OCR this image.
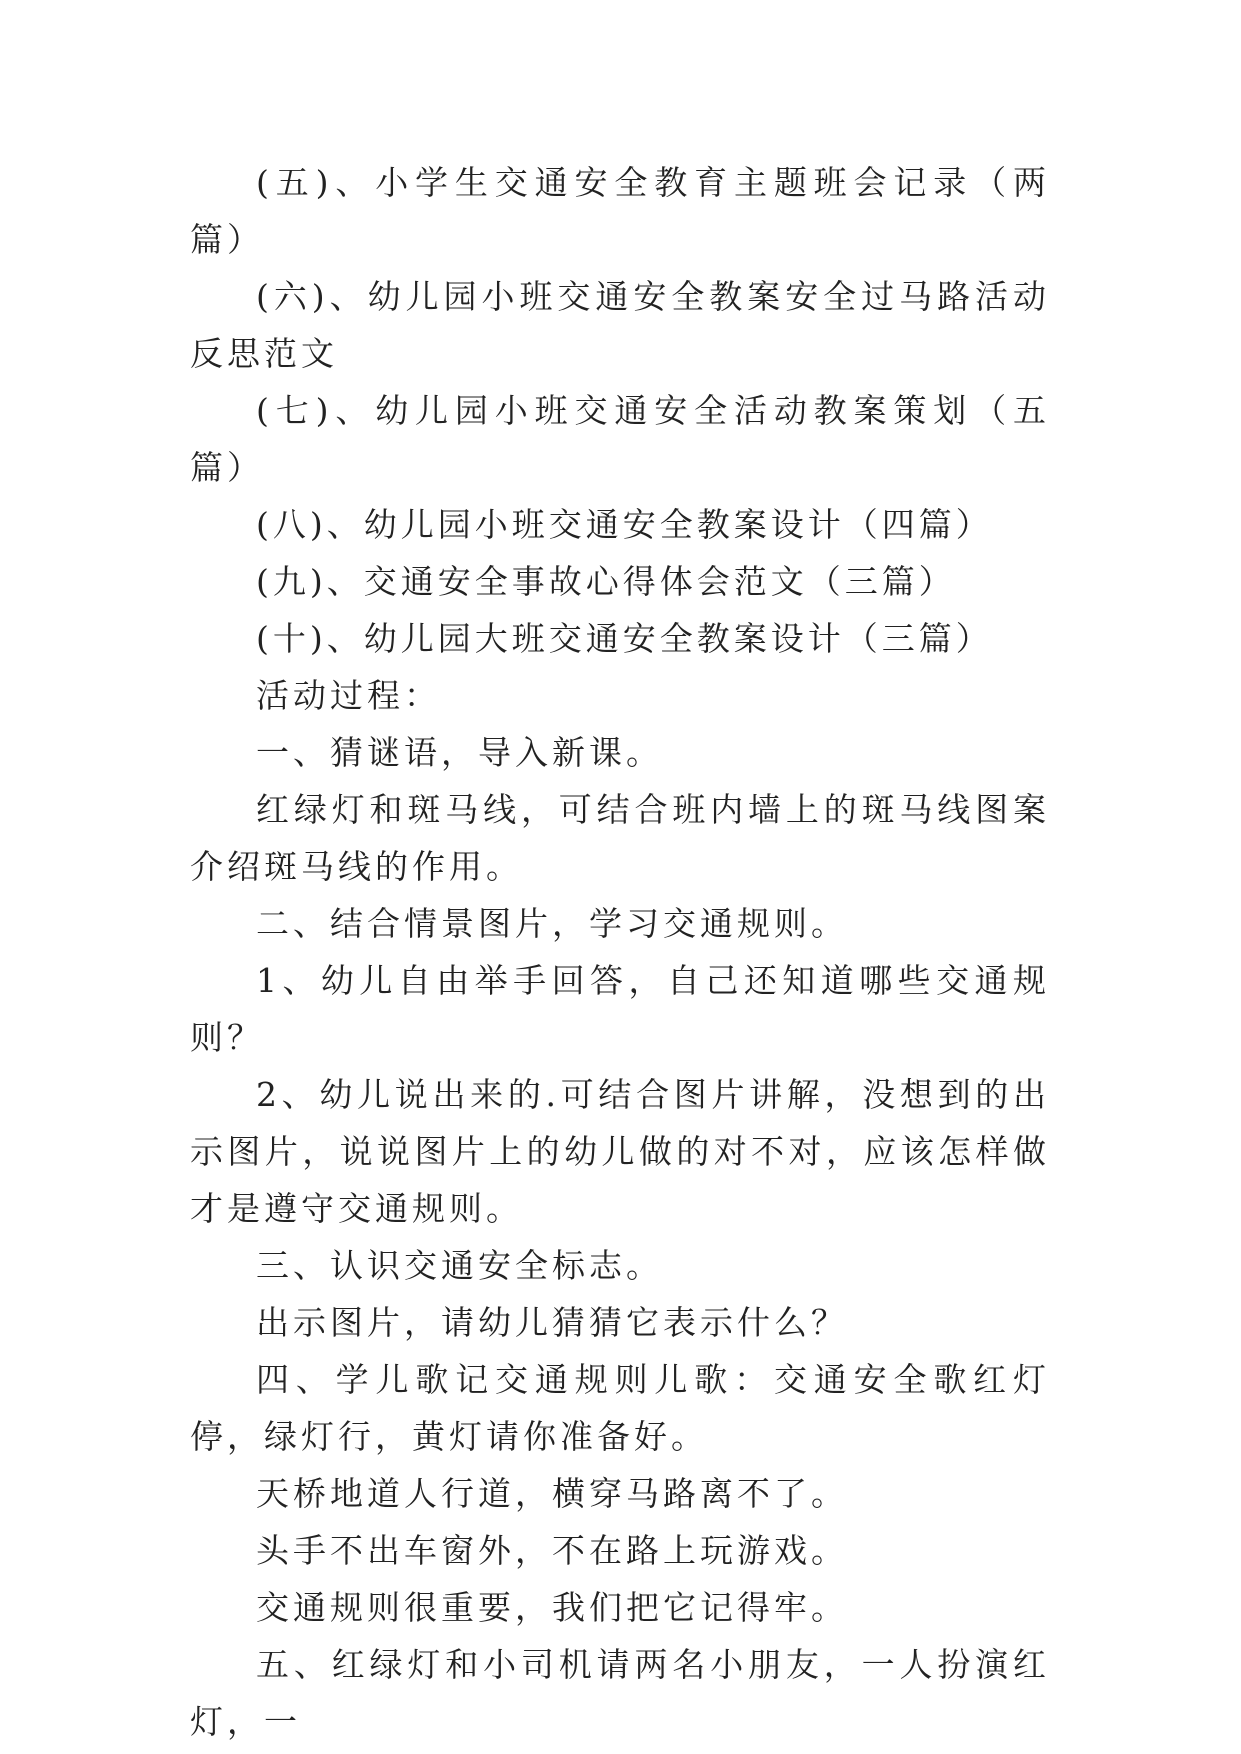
(五)、小学生交通安全教育主题班会记录（两篇）

(六)、幼儿园小班交通安全教案安全过马路活动反思范文

(七)、幼儿园小班交通安全活动教案策划（五篇）

(八)、幼儿园小班交通安全教案设计（四篇）

(九)、交通安全事故心得体会范文（三篇）

(十)、幼儿园大班交通安全教案设计（三篇）

活动过程：

一、猜谜语，导入新课。

红绿灯和斑马线，可结合班内墙上的斑马线图案介绍斑马线的作用。

二、结合情景图片，学习交通规则。

1、幼儿自由举手回答，自己还知道哪些交通规则？

2、幼儿说出来的.可结合图片讲解，没想到的出示图片，说说图片上的幼儿做的对不对，应该怎样做才是遵守交通规则。

三、认识交通安全标志。

出示图片，请幼儿猜猜它表示什么？

四、学儿歌记交通规则儿歌：交通安全歌红灯停，绿灯行，黄灯请你准备好。

天桥地道人行道，横穿马路离不了。

头手不出车窗外，不在路上玩游戏。

交通规则很重要，我们把它记得牢。

五、红绿灯和小司机请两名小朋友，一人扮演红灯，一
